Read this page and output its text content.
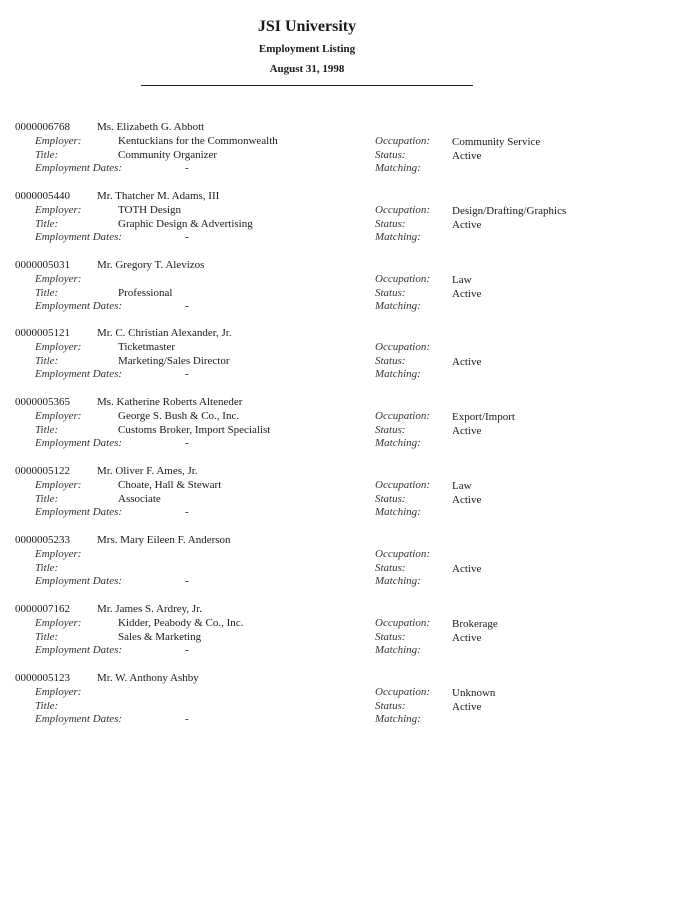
JSI University
Employment Listing
August 31, 1998
0000006768 Ms. Elizabeth G. Abbott
Employer:
Title:
Employment Dates:
Occupation:
Status:
Matching:
Kentuckians for the Commonwealth
Community Organizer
-
Community Service
Active
0000005440 Mr. Thatcher M. Adams, III
Employer:
Title:
Employment Dates:
Occupation:
Status:
Matching:
TOTH Design
Graphic Design & Advertising
-
Design/Drafting/Graphics
Active
0000005031 Mr. Gregory T. Alevizos
Employer:
Title:
Employment Dates:
Occupation:
Status:
Matching:
Professional
-
Law
Active
0000005121 Mr. C. Christian Alexander, Jr.
Employer:
Title:
Employment Dates:
Occupation:
Status:
Matching:
Ticketmaster
Marketing/Sales Director
-
Active
0000005365 Ms. Katherine Roberts Alteneder
Employer:
Title:
Employment Dates:
Occupation:
Status:
Matching:
George S. Bush & Co., Inc.
Customs Broker, Import Specialist
-
Export/Import
Active
0000005122 Mr. Oliver F. Ames, Jr.
Employer:
Title:
Employment Dates:
Occupation:
Status:
Matching:
Choate, Hall & Stewart
Associate
-
Law
Active
0000005233 Mrs. Mary Eileen F. Anderson
Employer:
Title:
Employment Dates:
Occupation:
Status:
Matching:
-
Active
0000007162 Mr. James S. Ardrey, Jr.
Employer:
Title:
Employment Dates:
Occupation:
Status:
Matching:
Kidder, Peabody & Co., Inc.
Sales & Marketing
-
Brokerage
Active
0000005123 Mr. W. Anthony Ashby
Employer:
Title:
Employment Dates:
Occupation:
Status:
Matching:
-
Unknown
Active
